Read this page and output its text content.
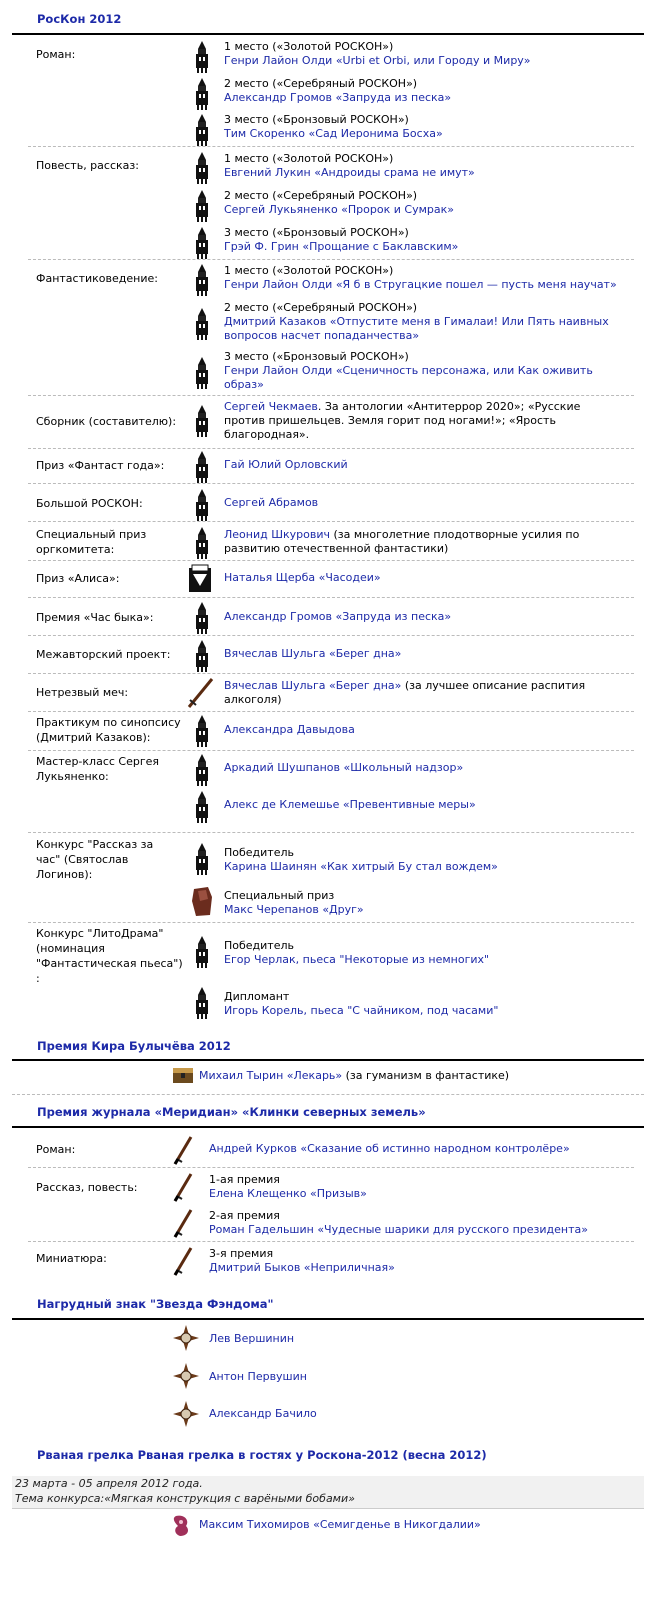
РосКон 2012
Роман:
1 место («Золотой РОСКОН»)
Генри Лайон Олди «Urbi et Orbi, или Городу и Миру»
2 место («Серебряный РОСКОН»)
Александр Громов «Запруда из песка»
3 место («Бронзовый РОСКОН»)
Тим Скоренко «Сад Иеронима Босха»
Повесть, рассказ:
1 место («Золотой РОСКОН»)
Евгений Лукин «Андроиды срама не имут»
2 место («Серебряный РОСКОН»)
Сергей Лукьяненко «Пророк и Сумрак»
3 место («Бронзовый РОСКОН»)
Грэй Ф. Грин «Прощание с Баклавским»
Фантастиковедение:
1 место («Золотой РОСКОН»)
Генри Лайон Олди «Я б в Стругацкие пошел — пусть меня научат»
2 место («Серебряный РОСКОН»)
Дмитрий Казаков «Отпустите меня в Гималаи! Или Пять наивных вопросов насчет попаданчества»
3 место («Бронзовый РОСКОН»)
Генри Лайон Олди «Сценичность персонажа, или Как оживить образ»
Сборник (составителю):
Сергей Чекмаев. За антологии «Антитеррор 2020»; «Русские против пришельцев. Земля горит под ногами!»; «Ярость благородная».
Приз «Фантаст года»:	Гай Юлий Орловский
Большой РОСКОН:	Сергей Абрамов
Специальный приз оргкомитета:
Леонид Шкурович (за многолетние плодотворные усилия по развитию отечественной фантастики)
Приз «Алиса»:	Наталья Щерба «Часодеи»
Премия «Час быка»:	Александр Громов «Запруда из песка»
Межавторский проект:	Вячеслав Шульга «Берег дна»
Нетрезвый меч:
Вячеслав Шульга «Берег дна» (за лучшее описание распития алкоголя)
Практикум по синопсису (Дмитрий Казаков):
Александра Давыдова
Мастер-класс Сергея Лукьяненко:
Аркадий Шушпанов «Школьный надзор»
Алекс де Клемешье «Превентивные меры»
Конкурс "Рассказ за час" (Святослав Логинов):
Победитель
Карина Шаинян «Как хитрый Бу стал вождем»
Специальный приз
Макс Черепанов «Друг»
Конкурс "ЛитоДрама" (номинация "Фантастическая пьеса") :
Победитель
Егор Черлак, пьеса "Некоторые из немногих"
Дипломант
Игорь Корель, пьеса "С чайником, под часами"
Премия Кира Булычёва 2012
Михаил Тырин «Лекарь» (за гуманизм в фантастике)
Премия журнала «Меридиан» «Клинки северных земель»
Роман:	Андрей Курков «Сказание об истинно народном контролёре»
Рассказ, повесть:
1-ая премия
Елена Клещенко «Призыв»
2-ая премия
Роман Гадельшин «Чудесные шарики для русского президента»
Миниатюра:	3-я премия
Дмитрий Быков «Неприличная»
Нагрудный знак "Звезда Фэндома"
Лев Вершинин
Антон Первушин
Александр Бачило
Рваная грелка Рваная грелка в гостях у Роскона-2012 (весна 2012)
23 марта - 05 апреля 2012 года.
Тема конкурса:«Мягкая конструкция с варёными бобами»
Максим Тихомиров «Семигденье в Никогдалии»
